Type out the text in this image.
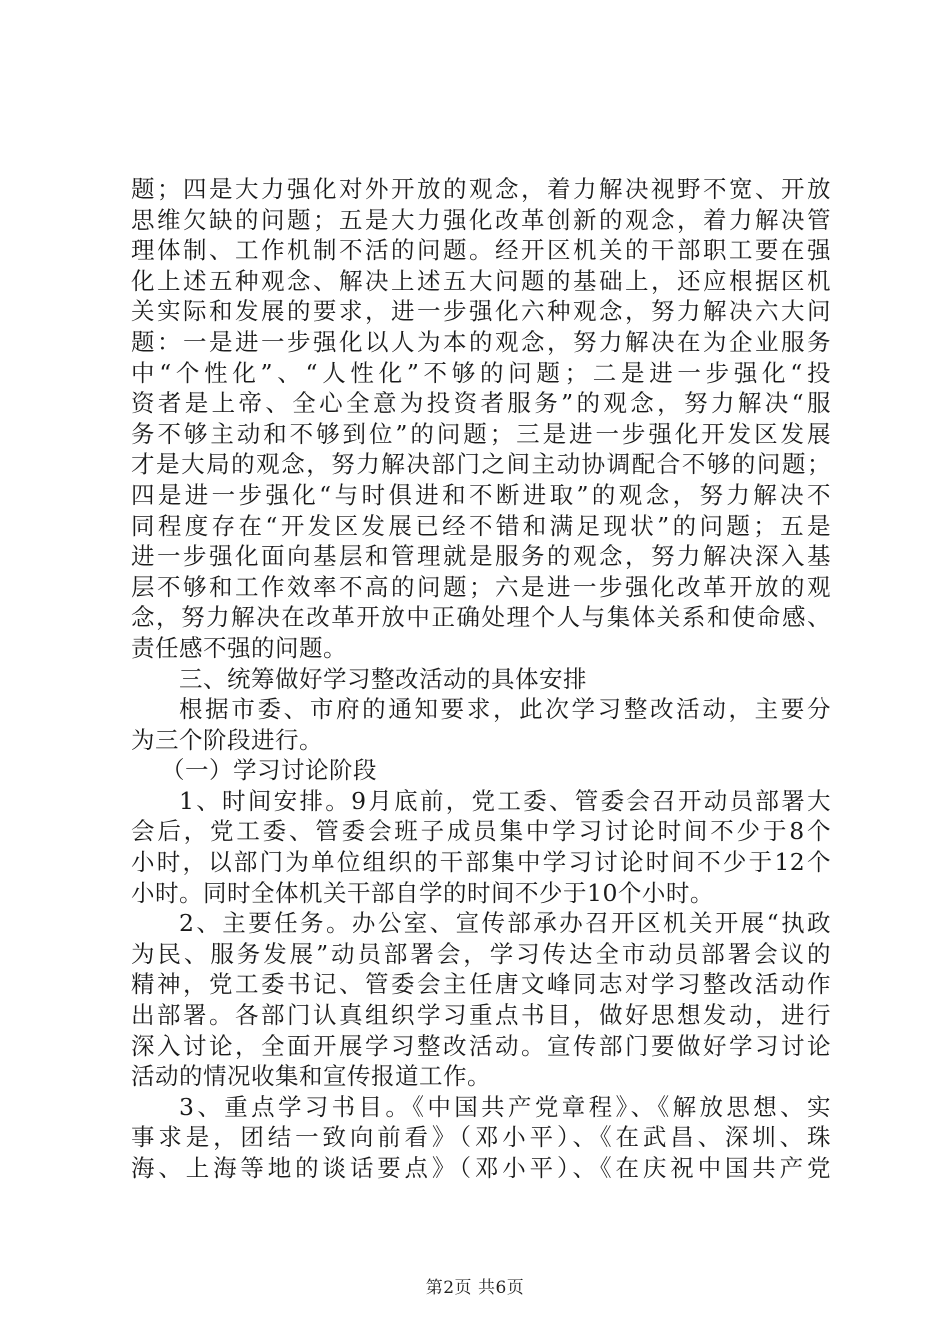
题；四是大力强化对外开放的观念，着力解决视野不宽、开放
思维欠缺的问题；五是大力强化改革创新的观念，着力解决管
理体制、工作机制不活的问题。经开区机关的干部职工要在强
化上述五种观念、解决上述五大问题的基础上，还应根据区机
关实际和发展的要求，进一步强化六种观念，努力解决六大问
题：一是进一步强化以人为本的观念，努力解决在为企业服务
中“个性化”、“人性化”不够的问题；二是进一步强化“投
资者是上帝、全心全意为投资者服务”的观念，努力解决“服
务不够主动和不够到位”的问题；三是进一步强化开发区发展
才是大局的观念，努力解决部门之间主动协调配合不够的问题；
四是进一步强化“与时俱进和不断进取”的观念，努力解决不
同程度存在“开发区发展已经不错和满足现状”的问题；五是
进一步强化面向基层和管理就是服务的观念，努力解决深入基
层不够和工作效率不高的问题；六是进一步强化改革开放的观
念，努力解决在改革开放中正确处理个人与集体关系和使命感、
责任感不强的问题。
三、统筹做好学习整改活动的具体安排
根据市委、市府的通知要求，此次学习整改活动，主要分
为三个阶段进行。
（一）学习讨论阶段
1、时间安排。9月底前，党工委、管委会召开动员部署大
会后，党工委、管委会班子成员集中学习讨论时间不少于8个
小时，以部门为单位组织的干部集中学习讨论时间不少于12个
小时。同时全体机关干部自学的时间不少于10个小时。
2、主要任务。办公室、宣传部承办召开区机关开展“执政
为民、服务发展”动员部署会，学习传达全市动员部署会议的
精神，党工委书记、管委会主任唐文峰同志对学习整改活动作
出部署。各部门认真组织学习重点书目，做好思想发动，进行
深入讨论，全面开展学习整改活动。宣传部门要做好学习讨论
活动的情况收集和宣传报道工作。
3、重点学习书目。《中国共产党章程》、《解放思想、实
事求是，团结一致向前看》（邓小平）、《在武昌、深圳、珠
海、上海等地的谈话要点》（邓小平）、《在庆祝中国共产党
第2页 共6页
